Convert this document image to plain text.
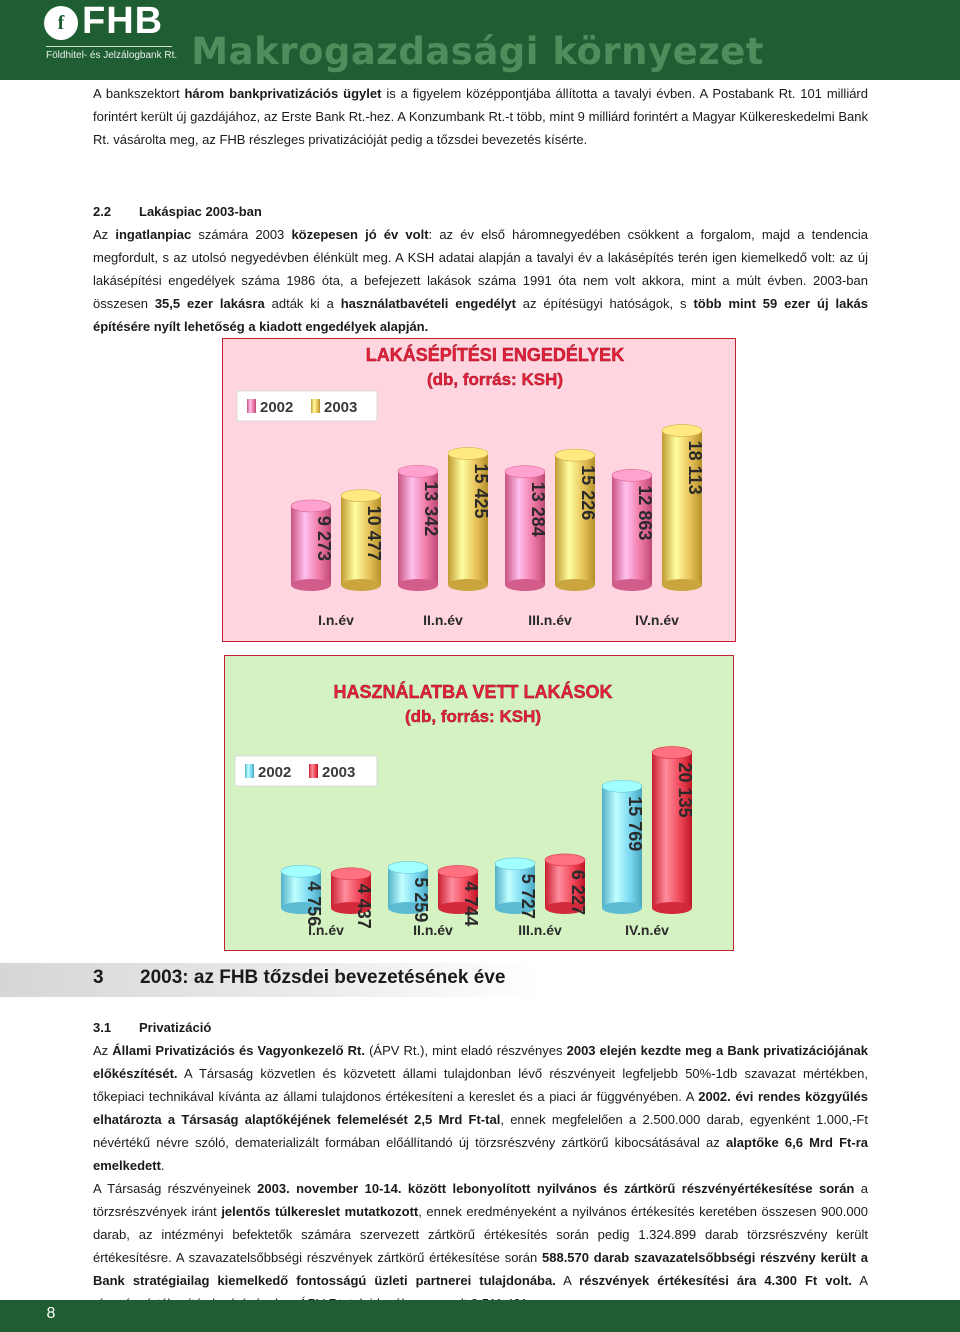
f FHB
Földhitel- és Jelzálogbank Rt. Makrogazdasági környezet

A bankszektort három bankprivatizációs ügylet is a figyelem középpontjába állította a tavalyi évben. A Postabank Rt. 101 milliárd forintért került új gazdájához, az Erste Bank Rt.-hez. A Konzumbank Rt.-t több, mint 9 milliárd forintért a Magyar Külkereskedelmi Bank Rt. vásárolta meg, az FHB részleges privatizációját pedig a tőzsdei bevezetés kísérte.

2.2 Lakáspiac 2003-ban

Az ingatlanpiac számára 2003 közepesen jó év volt: az év első háromnegyedében csökkent a forgalom, majd a tendencia megfordult, s az utolsó negyedévben élénkült meg. A KSH adatai alapján a tavalyi év a lakásépítés terén igen kiemelkedő volt: az új lakásépítési engedélyek száma 1986 óta, a befejezett lakások száma 1991 óta nem volt akkora, mint a múlt évben. 2003-ban összesen 35,5 ezer lakásra adták ki a használatbavételi engedélyt az építésügyi hatóságok, s több mint 59 ezer új lakás építésére nyílt lehetőség a kiadott engedélyek alapján.

LAKÁSÉPÍTÉSI ENGEDÉLYEK
(db, forrás: KSH)
2002 2003
9 273 10 477
I.n.év
13 342 15 425
II.n.év
13 284 15 226
III.n.év
12 863
18 113
IV.n.év
HASZNÁLATBA VETT LAKÁSOK
(db, forrás: KSH)
2002 2003
4 756 4 437
I.n.év
5 259 4 744
II.n.év
5 727 6 227
III.n.év
15 769
20 135
IV.n.év
3 2003: az FHB tőzsdei bevezetésének éve

3.1 Privatizáció

Az Állami Privatizációs és Vagyonkezelő Rt. (ÁPV Rt.), mint eladó részvényes 2003 elején kezdte meg a Bank privatizációjának előkészítését. A Társaság közvetlen és közvetett állami tulajdonban lévő részvényeit legfeljebb 50%-1db szavazat mértékben, tőkepiaci technikával kívánta az állami tulajdonos értékesíteni a kereslet és a piaci ár függvényében. A 2002. évi rendes közgyűlés elhatározta a Társaság alaptőkéjének felemelését 2,5 Mrd Ft-tal, ennek megfelelően a 2.500.000 darab, egyenként 1.000,-Ft névértékű névre szóló, dematerializált formában előállítandó új törzsrészvény zártkörű kibocsátásával az alaptőke 6,6 Mrd Ft-ra emelkedett.

A Társaság részvényeinek 2003. november 10-14. között lebonyolított nyilvános és zártkörű részvényértékesítése során a törzsrészvények iránt jelentős túlkereslet mutatkozott, ennek eredményeként a nyilvános értékesítés keretében összesen 900.000 darab, az intézményi befektetők számára szervezett zártkörű értékesítés során pedig 1.324.899 darab törzsrészvény került értékesítésre. A szavazatelsőbbségi részvények zártkörű értékesítése során 588.570 darab szavazatelsőbbségi részvény került a Bank stratégiailag kiemelkedő fontosságú üzleti partnerei tulajdonába. A részvények értékesítési ára 4.300 Ft volt. A

8
